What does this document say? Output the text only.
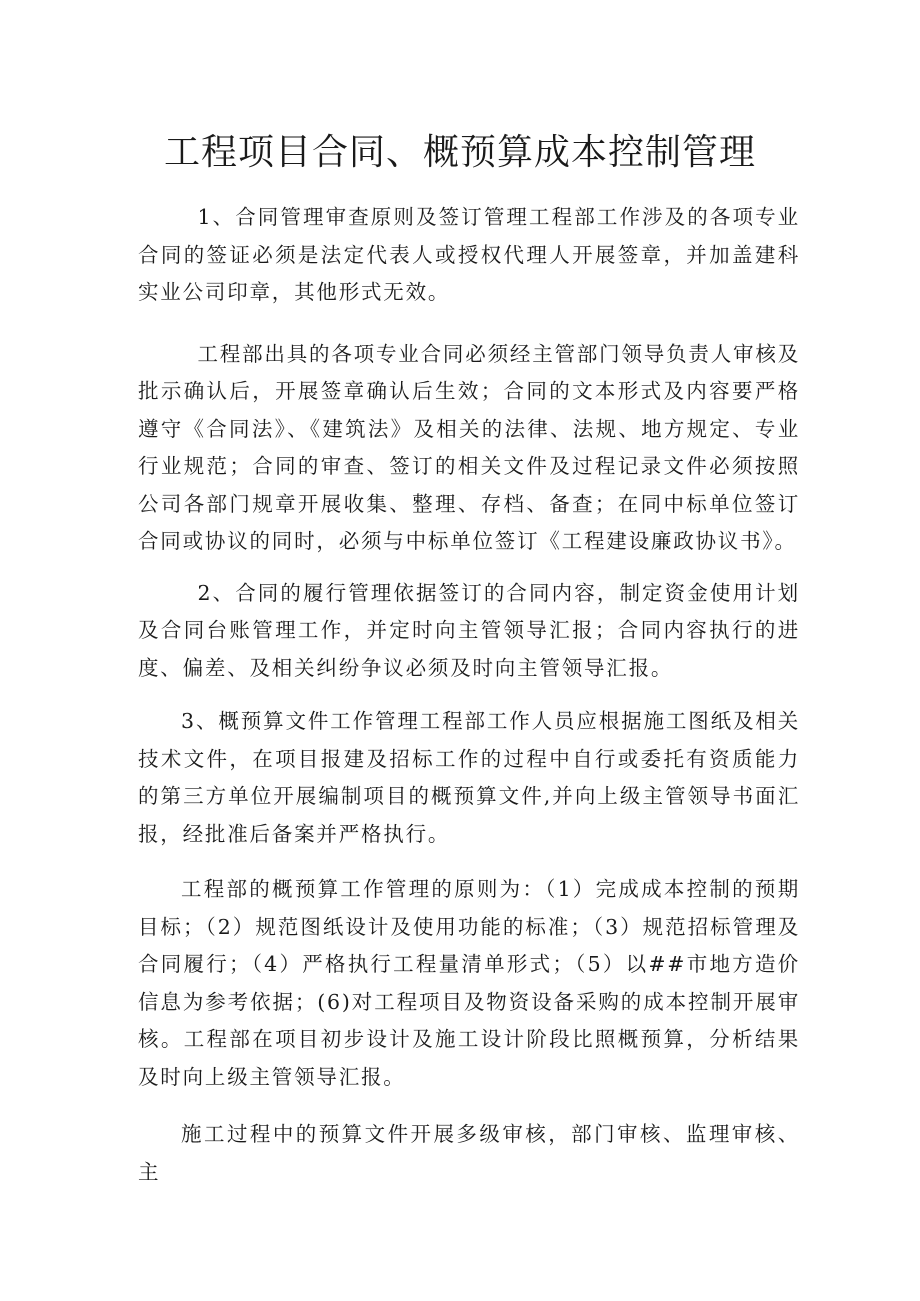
工程项目合同、概预算成本控制管理

1、合同管理审查原则及签订管理工程部工作涉及的各项专业合同的签证必须是法定代表人或授权代理人开展签章，并加盖建科实业公司印章，其他形式无效。

工程部出具的各项专业合同必须经主管部门领导负责人审核及批示确认后，开展签章确认后生效；合同的文本形式及内容要严格遵守《合同法》、《建筑法》及相关的法律、法规、地方规定、专业行业规范；合同的审查、签订的相关文件及过程记录文件必须按照公司各部门规章开展收集、整理、存档、备查；在同中标单位签订合同或协议的同时，必须与中标单位签订《工程建设廉政协议书》。

2、合同的履行管理依据签订的合同内容，制定资金使用计划及合同台账管理工作，并定时向主管领导汇报；合同内容执行的进度、偏差、及相关纠纷争议必须及时向主管领导汇报。

3、概预算文件工作管理工程部工作人员应根据施工图纸及相关技术文件，在项目报建及招标工作的过程中自行或委托有资质能力的第三方单位开展编制项目的概预算文件,并向上级主管领导书面汇报，经批准后备案并严格执行。

工程部的概预算工作管理的原则为：（1）完成成本控制的预期目标；（2）规范图纸设计及使用功能的标准；（3）规范招标管理及合同履行；（4）严格执行工程量清单形式；（5）以##市地方造价信息为参考依据；(6)对工程项目及物资设备采购的成本控制开展审核。工程部在项目初步设计及施工设计阶段比照概预算，分析结果及时向上级主管领导汇报。

施工过程中的预算文件开展多级审核，部门审核、监理审核、主
